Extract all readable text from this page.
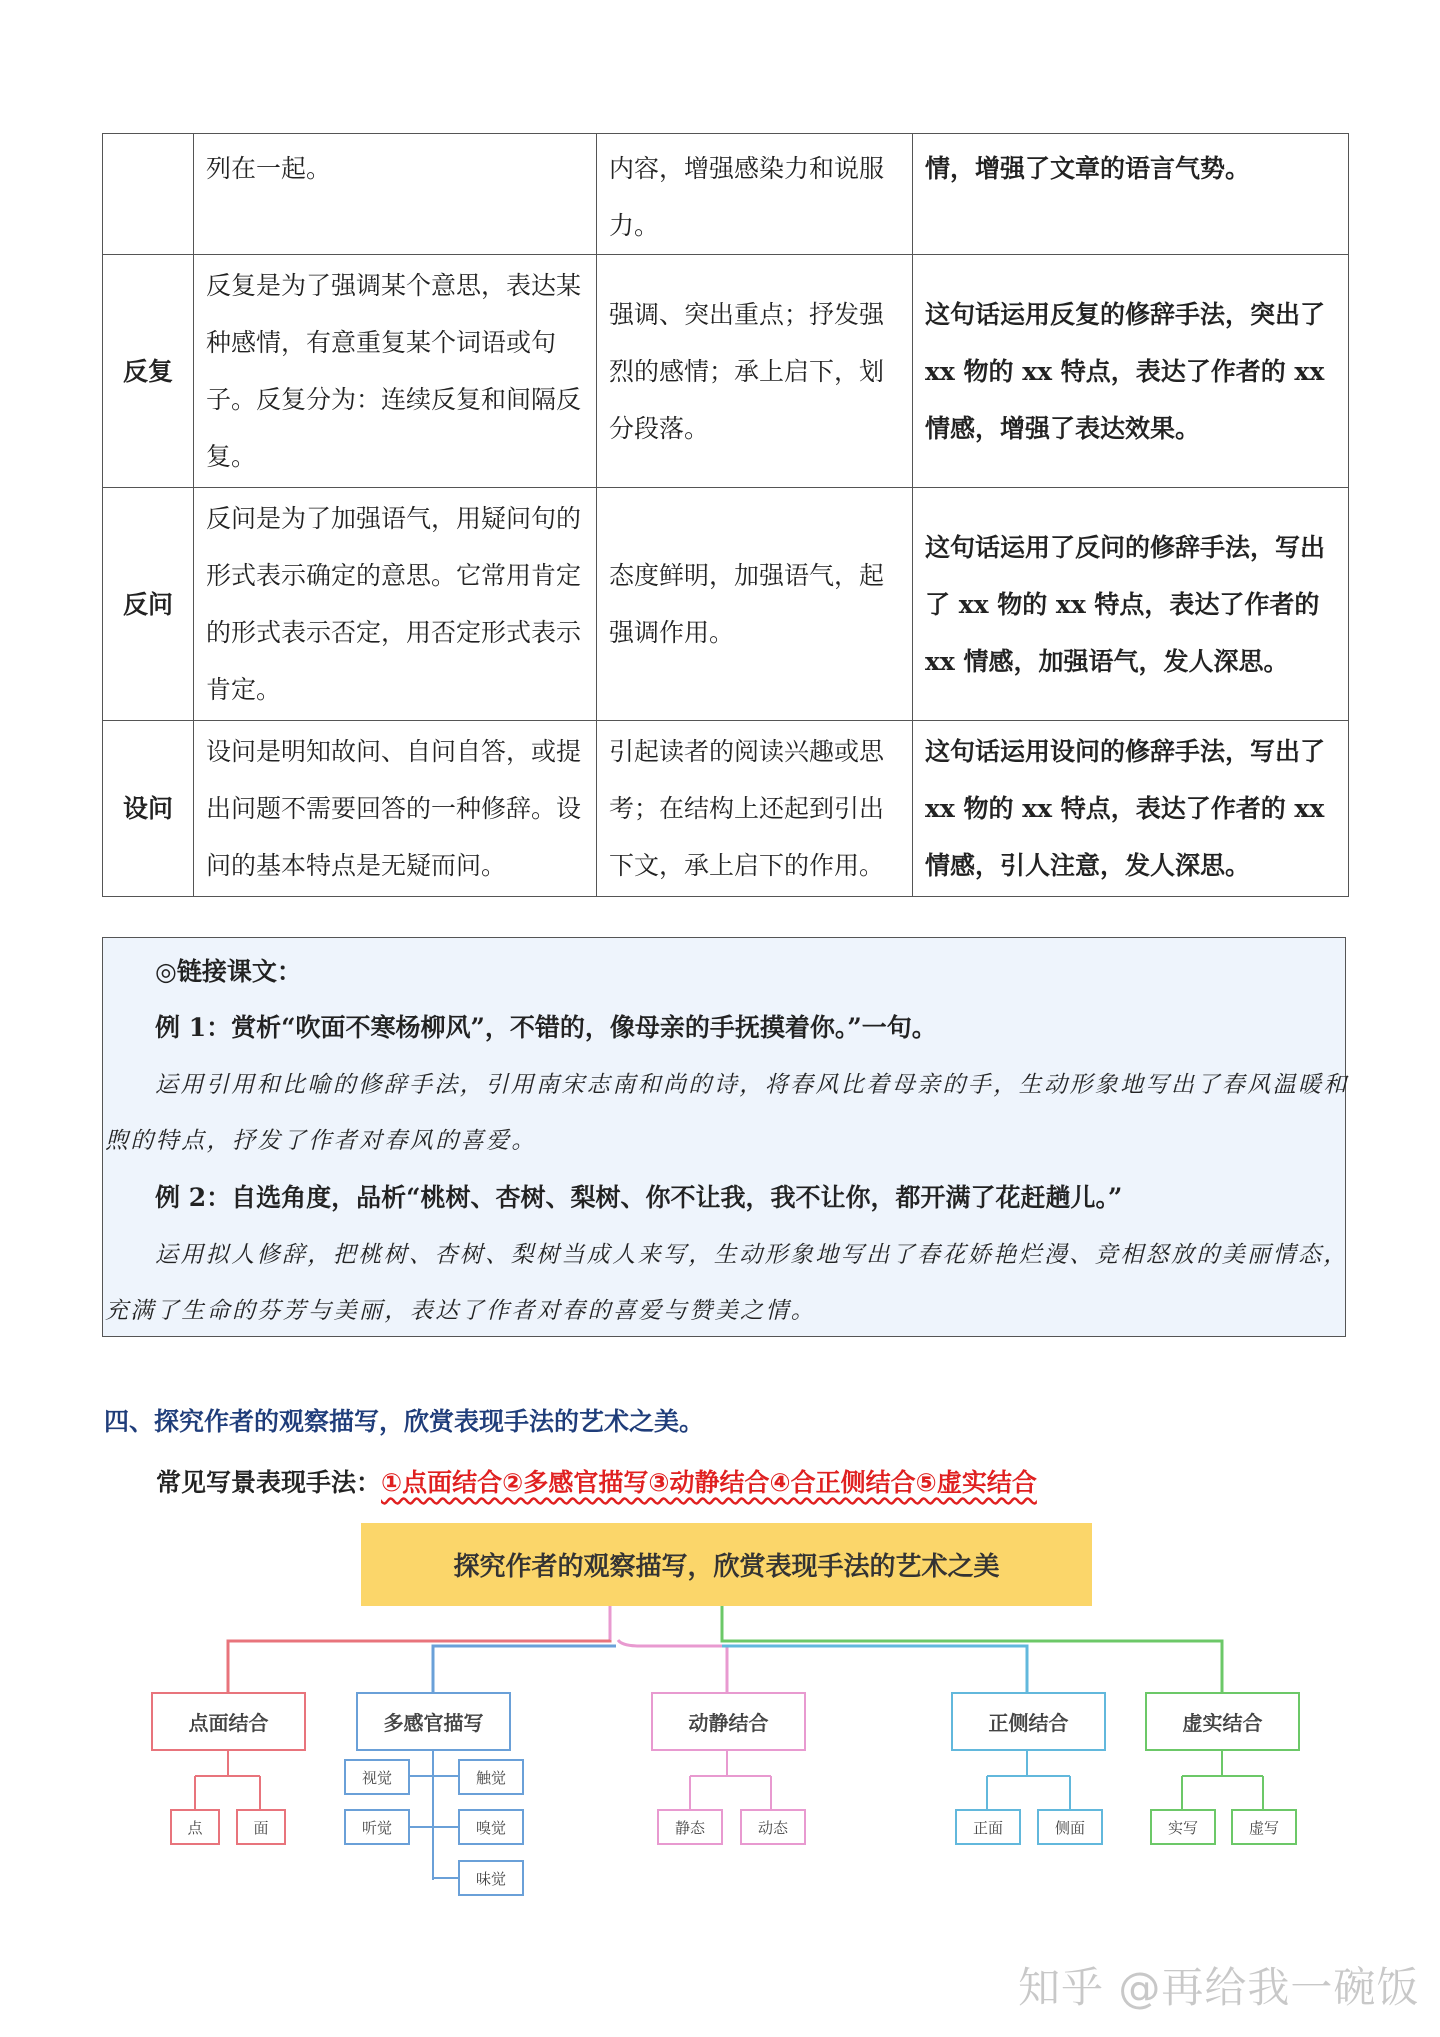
	列在一起。	内容，增强感染力和说服力。	情，增强了文章的语言气势。
反复	反复是为了强调某个意思，表达某种感情，有意重复某个词语或句子。反复分为：连续反复和间隔反复。	强调、突出重点；抒发强烈的感情；承上启下，划分段落。	这句话运用反复的修辞手法，突出了xx 物的 xx 特点，表达了作者的 xx 情感，增强了表达效果。
反问	反问是为了加强语气，用疑问句的形式表示确定的意思。它常用肯定的形式表示否定，用否定形式表示肯定。	态度鲜明，加强语气，起强调作用。	这句话运用了反问的修辞手法，写出了 xx 物的 xx 特点，表达了作者的 xx 情感，加强语气，发人深思。
设问	设问是明知故问、自问自答，或提出问题不需要回答的一种修辞。设问的基本特点是无疑而问。	引起读者的阅读兴趣或思考；在结构上还起到引出下文，承上启下的作用。	这句话运用设问的修辞手法，写出了xx 物的 xx 特点，表达了作者的 xx 情感，引人注意，发人深思。
◎链接课文：
例 1：赏析“吹面不寒杨柳风”，不错的，像母亲的手抚摸着你。”一句。
运用引用和比喻的修辞手法，引用南宋志南和尚的诗，将春风比着母亲的手，生动形象地写出了春风温暖和
煦的特点，抒发了作者对春风的喜爱。
例 2：自选角度，品析“桃树、杏树、梨树、你不让我，我不让你，都开满了花赶趟儿。”
运用拟人修辞，把桃树、杏树、梨树当成人来写，生动形象地写出了春花娇艳烂漫、竞相怒放的美丽情态，
充满了生命的芬芳与美丽，表达了作者对春的喜爱与赞美之情。
四、探究作者的观察描写，欣赏表现手法的艺术之美。
常见写景表现手法：①点面结合②多感官描写③动静结合④合正侧结合⑤虚实结合
探究作者的观察描写，欣赏表现手法的艺术之美
点面结合	多感官描写	动静结合	正侧结合	虚实结合
点	面
视觉	触觉
听觉	嗅觉
味觉
静态	动态	正面	侧面	实写	虚写
知乎 @再给我一碗饭
